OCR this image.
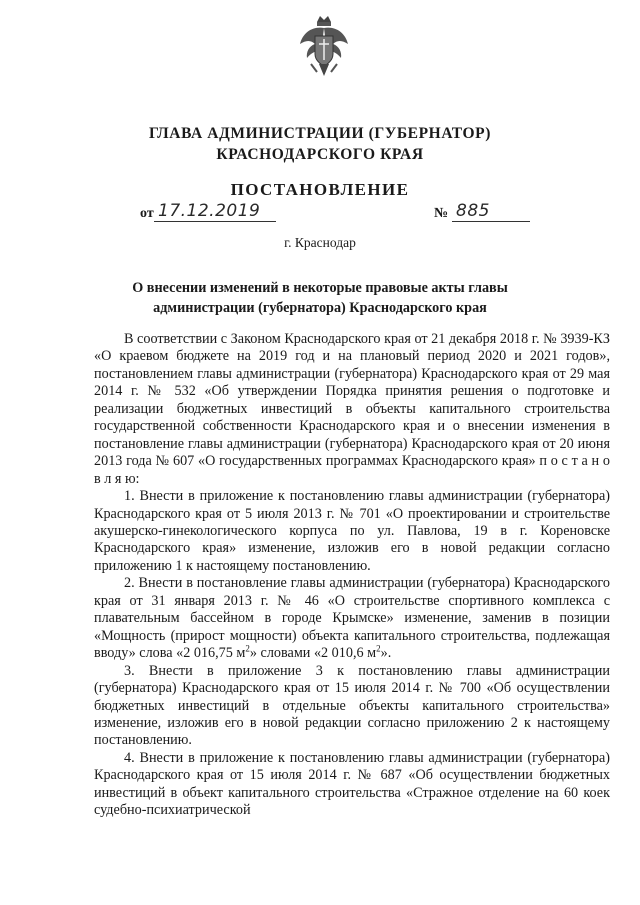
ГЛАВА АДМИНИСТРАЦИИ (ГУБЕРНАТОР)
КРАСНОДАРСКОГО КРАЯ
ПОСТАНОВЛЕНИЕ
от 17.12.2019	№ 885
г. Краснодар
О внесении изменений в некоторые правовые акты главы
администрации (губернатора) Краснодарского края

В соответствии с Законом Краснодарского края от 21 декабря 2018 г. № 3939-КЗ «О краевом бюджете на 2019 год и на плановый период 2020 и 2021 годов», постановлением главы администрации (губернатора) Краснодарского края от 29 мая 2014 г. № 532 «Об утверждении Порядка принятия решения о подготовке и реализации бюджетных инвестиций в объекты капитального строительства государственной собственности Краснодарского края и о внесении изменения в постановление главы администрации (губернатора) Краснодарского края от 20 июня 2013 года № 607 «О государственных программах Краснодарского края» п о с т а н о в л я ю:

1. Внести в приложение к постановлению главы администрации (губернатора) Краснодарского края от 5 июля 2013 г. № 701 «О проектировании и строительстве акушерско-гинекологического корпуса по ул. Павлова, 19 в г. Кореновске Краснодарского края» изменение, изложив его в новой редакции согласно приложению 1 к настоящему постановлению.

2. Внести в постановление главы администрации (губернатора) Краснодарского края от 31 января 2013 г. № 46 «О строительстве спортивного комплекса с плавательным бассейном в городе Крымске» изменение, заменив в позиции «Мощность (прирост мощности) объекта капитального строительства, подлежащая вводу» слова «2 016,75 $м^2$» словами «2 010,6 $м^2$».

3. Внести в приложение 3 к постановлению главы администрации (губернатора) Краснодарского края от 15 июля 2014 г. № 700 «Об осуществлении бюджетных инвестиций в отдельные объекты капитального строительства» изменение, изложив его в новой редакции согласно приложению 2 к настоящему постановлению.

4. Внести в приложение к постановлению главы администрации (губернатора) Краснодарского края от 15 июля 2014 г. № 687 «Об осуществлении бюджетных инвестиций в объект капитального строительства «Стражное отделение на 60 коек судебно-психиатрической
